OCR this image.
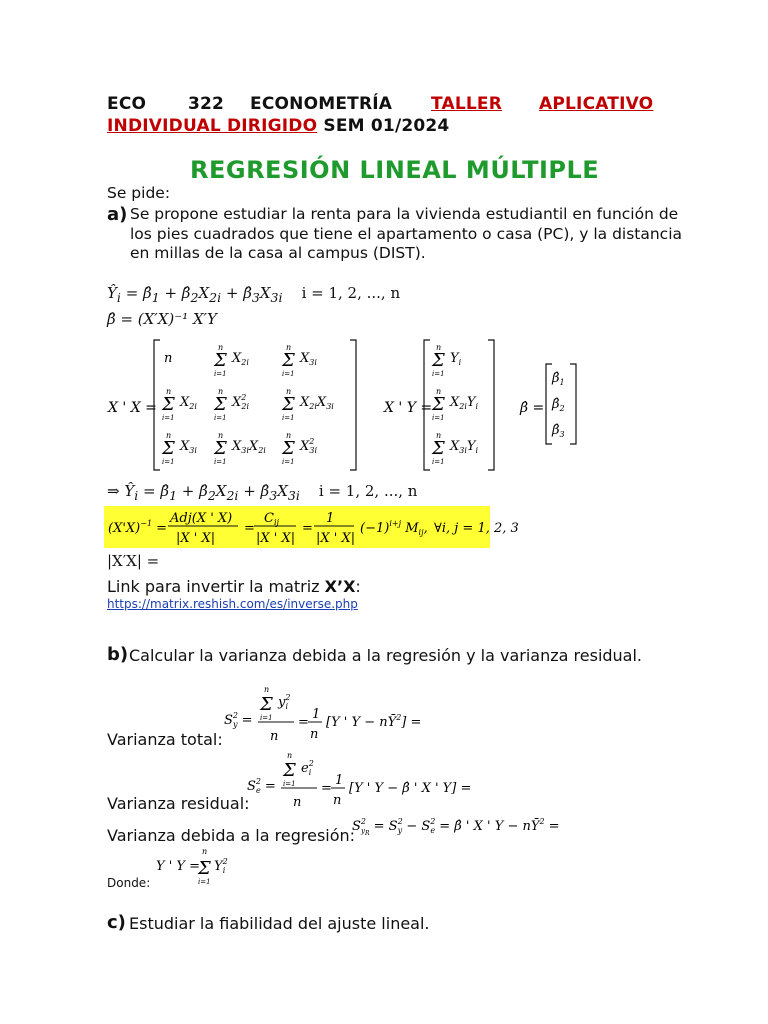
ECO 322 ECONOMETRÍA TALLER APLICATIVO
INDIVIDUAL DIRIGIDO SEM 01/2024
REGRESIÓN LINEAL MÚLTIPLE
Se pide:
a) Se propone estudiar la renta para la vivienda estudiantil en función de
los pies cuadrados que tiene el apartamento o casa (PC), y la distancia
en millas de la casa al campus (DIST).
$Ŷ_i$ = $\betâ_1$ + $\betâ_2X_{2i}$ + $\betâ_3X_{3i}$ i = 1, 2, ..., n
β̂ = (X′X)⁻¹ X′Y
X ' X =
n
n
Σ
i=1
$X_{2i}$
n
Σ
i=1
$X_{3i}$
n
Σ
i=1
$X_{2i}$
n
Σ
i=1
$X^2$ 2i
n
Σ
i=1
$X_{2i}X_{3i}$
n
Σ
i=1
$X_{3i}$
n
Σ
i=1
$X_{3i}X_{2i}$
n
Σ
i=1
$X^2$ 3i
X ' Y =
n
Σ
i=1
$Y_i$
n
Σ
i=1
$X_{2i}Y_i$
n
Σ
i=1
$X_{3i}Y_i$
β̂ =
$\betâ_1$
$\betâ_2$
$\betâ_3$
⇒ $Ŷ_i$ = $\betâ_1$ + $\betâ_2X_{2i}$ + $\betâ_3X_{3i}$ i = 1, 2, ..., n
$(X'X)^{-1}$ =
Adj(X ' X)
|X ' X|
=
$C_{ij}$
|X ' X|
=
1
|X ' X|
$(-1)^{i+j}$ $M_{ij}$, ∀i, j = 1, 2, 3
|X′X| =
Link para invertir la matriz X’X:
https://matrix.reshish.com/es/inverse.php
b) Calcular la varianza debida a la regresión y la varianza residual.
Varianza total:
$S^2$ y =
n
Σ $y^2$ i
i=1
n
=
1
n
[Y ' $Y - nȲ^2$] =
Varianza residual:
$S^2$ e =
n
Σ $e^2$ i
i=1
n
=
1
n
[Y ' Y − β̂ ' X ' Y] =
Varianza debida a la regresión:
$S^2$ yR = $S^2$ $y - S^2$ e = β̂ ' X ' $Y - nȲ^2$ =
Donde:
Y ' Y =
n
Σ
i=1
$Y^2$ i
c) Estudiar la fiabilidad del ajuste lineal.
